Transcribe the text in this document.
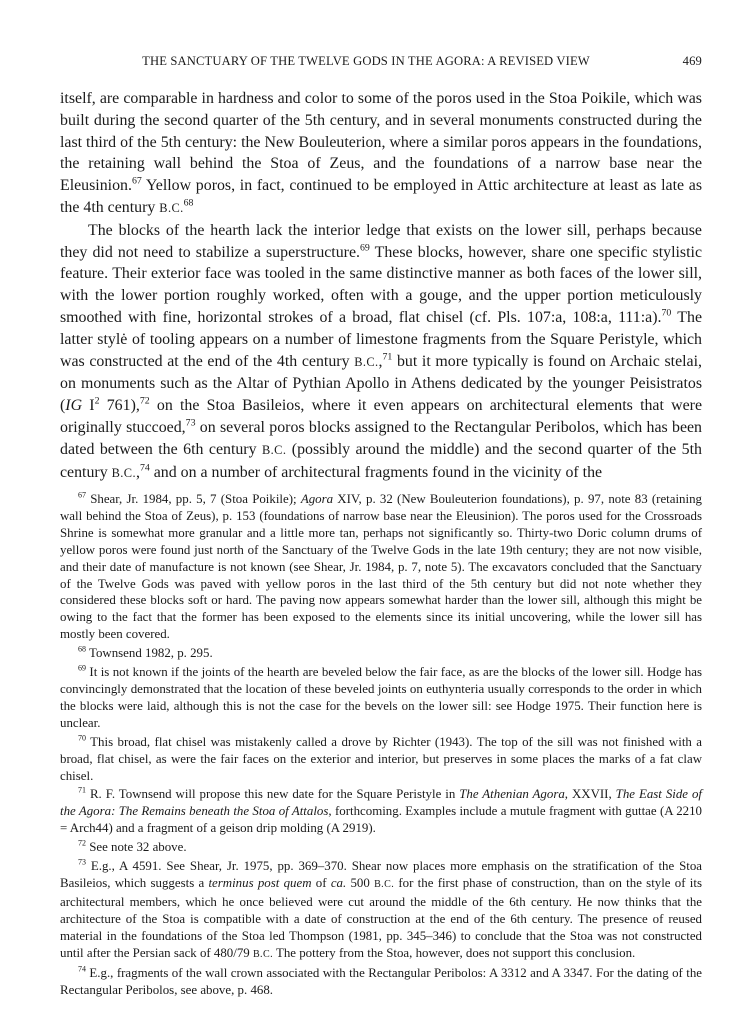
THE SANCTUARY OF THE TWELVE GODS IN THE AGORA: A REVISED VIEW	469

itself, are comparable in hardness and color to some of the poros used in the Stoa Poikile, which was built during the second quarter of the 5th century, and in several monuments constructed during the last third of the 5th century: the New Bouleuterion, where a similar poros appears in the foundations, the retaining wall behind the Stoa of Zeus, and the foundations of a narrow base near the Eleusinion.$^{67}$ Yellow poros, in fact, continued to be employed in Attic architecture at least as late as the 4th century B.C.$^{68}$

The blocks of the hearth lack the interior ledge that exists on the lower sill, perhaps because they did not need to stabilize a superstructure.$^{69}$ These blocks, however, share one specific stylistic feature. Their exterior face was tooled in the same distinctive manner as both faces of the lower sill, with the lower portion roughly worked, often with a gouge, and the upper portion meticulously smoothed with fine, horizontal strokes of a broad, flat chisel (cf. Pls. 107:a, 108:a, 111:a).$^{70}$ The latter stylė of tooling appears on a number of limestone fragments from the Square Peristyle, which was constructed at the end of the 4th century B.C.,$^{71}$ but it more typically is found on Archaic stelai, on monuments such as the Altar of Pythian Apollo in Athens dedicated by the younger Peisistratos (IG $I^2$ 761),$^{72}$ on the Stoa Basileios, where it even appears on architectural elements that were originally stuccoed,$^{73}$ on several poros blocks assigned to the Rectangular Peribolos, which has been dated between the 6th century B.C. (possibly around the middle) and the second quarter of the 5th century B.C.,$^{74}$ and on a number of architectural fragments found in the vicinity of the

$^{67}$ Shear, Jr. 1984, pp. 5, 7 (Stoa Poikile); Agora XIV, p. 32 (New Bouleuterion foundations), p. 97, note 83 (retaining wall behind the Stoa of Zeus), p. 153 (foundations of narrow base near the Eleusinion). The poros used for the Crossroads Shrine is somewhat more granular and a little more tan, perhaps not significantly so. Thirty-two Doric column drums of yellow poros were found just north of the Sanctuary of the Twelve Gods in the late 19th century; they are not now visible, and their date of manufacture is not known (see Shear, Jr. 1984, p. 7, note 5). The excavators concluded that the Sanctuary of the Twelve Gods was paved with yellow poros in the last third of the 5th century but did not note whether they considered these blocks soft or hard. The paving now appears somewhat harder than the lower sill, although this might be owing to the fact that the former has been exposed to the elements since its initial uncovering, while the lower sill has mostly been covered.

$^{68}$ Townsend 1982, p. 295.

$^{69}$ It is not known if the joints of the hearth are beveled below the fair face, as are the blocks of the lower sill. Hodge has convincingly demonstrated that the location of these beveled joints on euthynteria usually corresponds to the order in which the blocks were laid, although this is not the case for the bevels on the lower sill: see Hodge 1975. Their function here is unclear.

$^{70}$ This broad, flat chisel was mistakenly called a drove by Richter (1943). The top of the sill was not finished with a broad, flat chisel, as were the fair faces on the exterior and interior, but preserves in some places the marks of a fat claw chisel.

$^{71}$ R. F. Townsend will propose this new date for the Square Peristyle in The Athenian Agora, XXVII, The East Side of the Agora: The Remains beneath the Stoa of Attalos, forthcoming. Examples include a mutule fragment with guttae (A 2210 = Arch44) and a fragment of a geison drip molding (A 2919).

$^{72}$ See note 32 above.

$^{73}$ E.g., A 4591. See Shear, Jr. 1975, pp. 369–370. Shear now places more emphasis on the stratification of the Stoa Basileios, which suggests a terminus post quem of ca. 500 B.C. for the first phase of construction, than on the style of its architectural members, which he once believed were cut around the middle of the 6th century. He now thinks that the architecture of the Stoa is compatible with a date of construction at the end of the 6th century. The presence of reused material in the foundations of the Stoa led Thompson (1981, pp. 345–346) to conclude that the Stoa was not constructed until after the Persian sack of 480/79 B.C. The pottery from the Stoa, however, does not support this conclusion.

$^{74}$ E.g., fragments of the wall crown associated with the Rectangular Peribolos: A 3312 and A 3347. For the dating of the Rectangular Peribolos, see above, p. 468.
